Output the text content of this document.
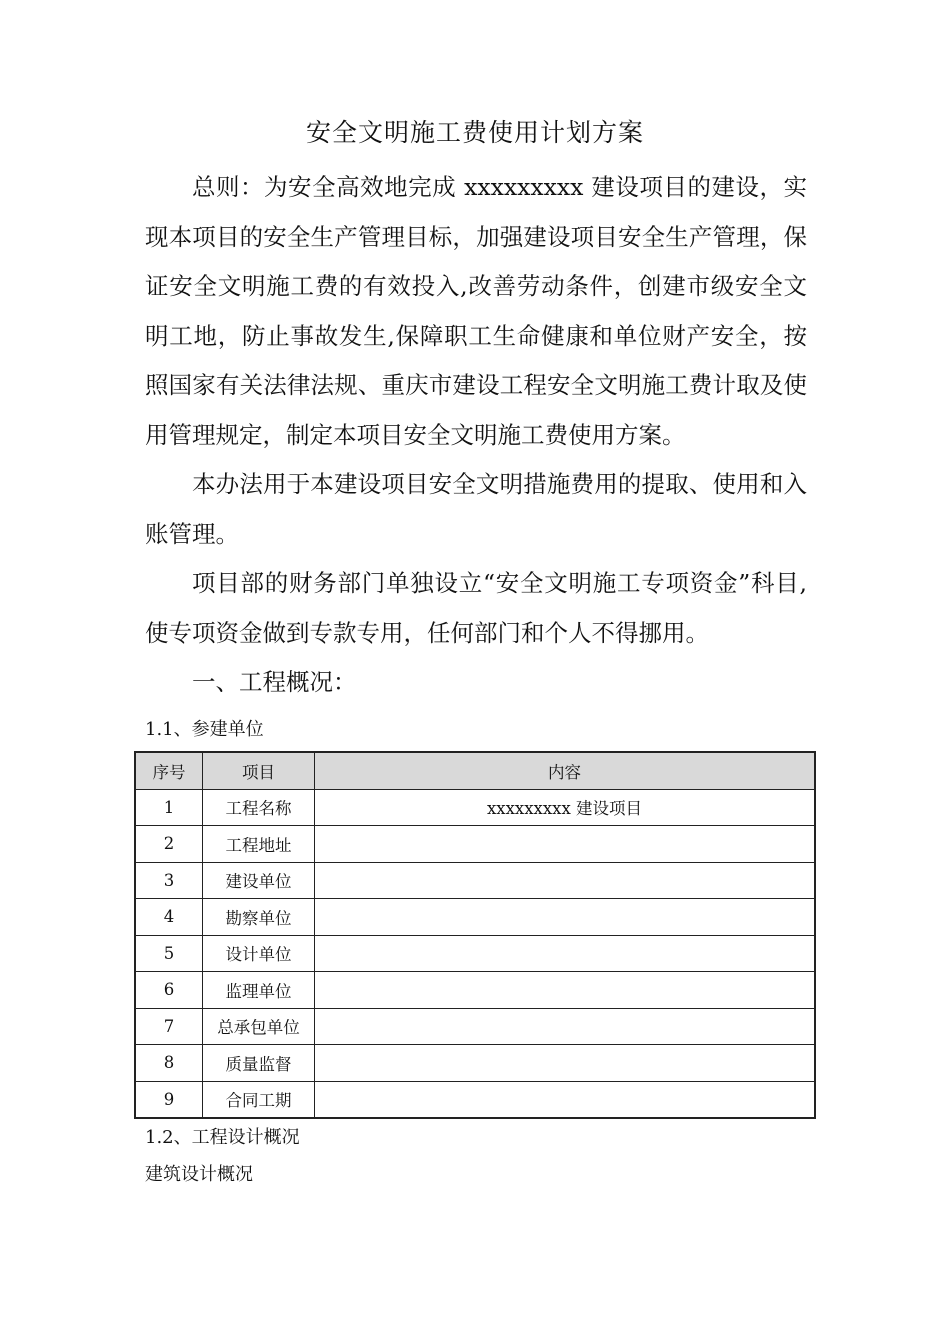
安全文明施工费使用计划方案

总则：为安全高效地完成 xxxxxxxxx 建设项目的建设，实现本项目的安全生产管理目标，加强建设项目安全生产管理，保证安全文明施工费的有效投入,改善劳动条件，创建市级安全文明工地，防止事故发生,保障职工生命健康和单位财产安全，按照国家有关法律法规、重庆市建设工程安全文明施工费计取及使用管理规定，制定本项目安全文明施工费使用方案。

本办法用于本建设项目安全文明措施费用的提取、使用和入账管理。

项目部的财务部门单独设立“安全文明施工专项资金”科目,使专项资金做到专款专用，任何部门和个人不得挪用。

一、工程概况：

1.1、参建单位
序号	项目	内容
1	工程名称	xxxxxxxxx 建设项目
2	工程地址	
3	建设单位	
4	勘察单位	
5	设计单位	
6	监理单位	
7	总承包单位	
8	质量监督	
9	合同工期	
1.2、工程设计概况
建筑设计概况
